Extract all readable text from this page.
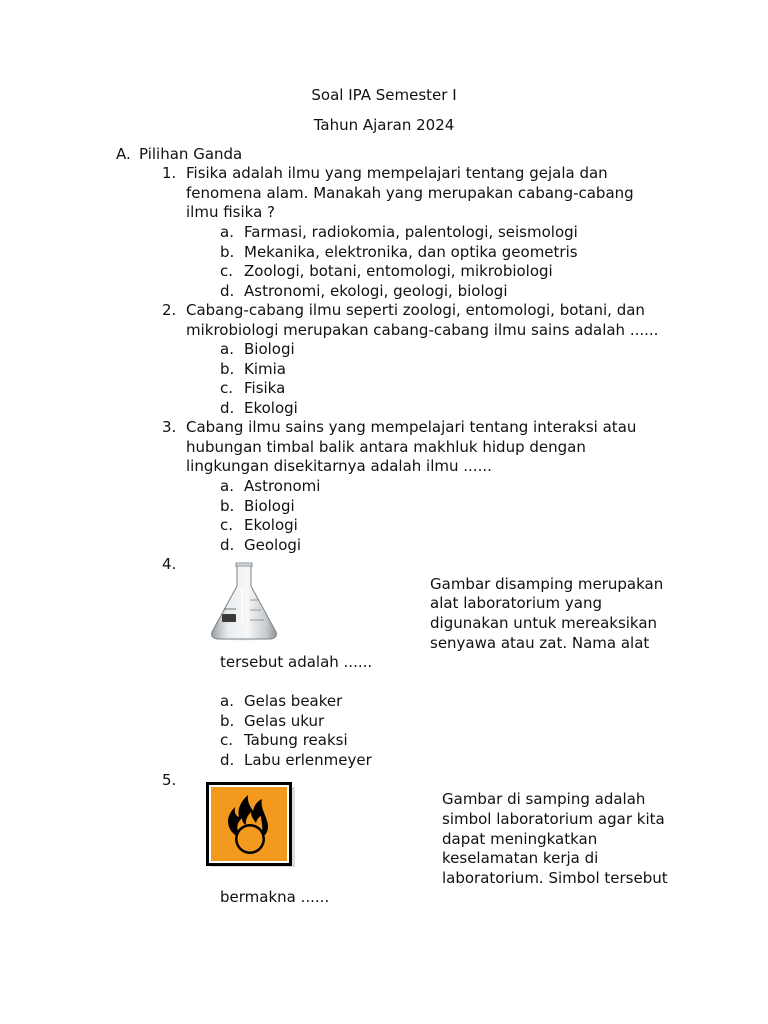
Soal IPA Semester I
Tahun Ajaran 2024
A. Pilihan Ganda
1. Fisika adalah ilmu yang mempelajari tentang gejala dan
fenomena alam. Manakah yang merupakan cabang-cabang
ilmu fisika ?
a. Farmasi, radiokomia, palentologi, seismologi
b. Mekanika, elektronika, dan optika geometris
c. Zoologi, botani, entomologi, mikrobiologi
d. Astronomi, ekologi, geologi, biologi
2. Cabang-cabang ilmu seperti zoologi, entomologi, botani, dan
mikrobiologi merupakan cabang-cabang ilmu sains adalah ......
a. Biologi
b. Kimia
c. Fisika
d. Ekologi
3. Cabang ilmu sains yang mempelajari tentang interaksi atau
hubungan timbal balik antara makhluk hidup dengan
lingkungan disekitarnya adalah ilmu ......
a. Astronomi
b. Biologi
c. Ekologi
d. Geologi
4.
Gambar disamping merupakan
alat laboratorium yang
digunakan untuk mereaksikan
senyawa atau zat. Nama alat
tersebut adalah ......
a. Gelas beaker
b. Gelas ukur
c. Tabung reaksi
d. Labu erlenmeyer
5.
Gambar di samping adalah
simbol laboratorium agar kita
dapat meningkatkan
keselamatan kerja di
laboratorium. Simbol tersebut
bermakna ......
